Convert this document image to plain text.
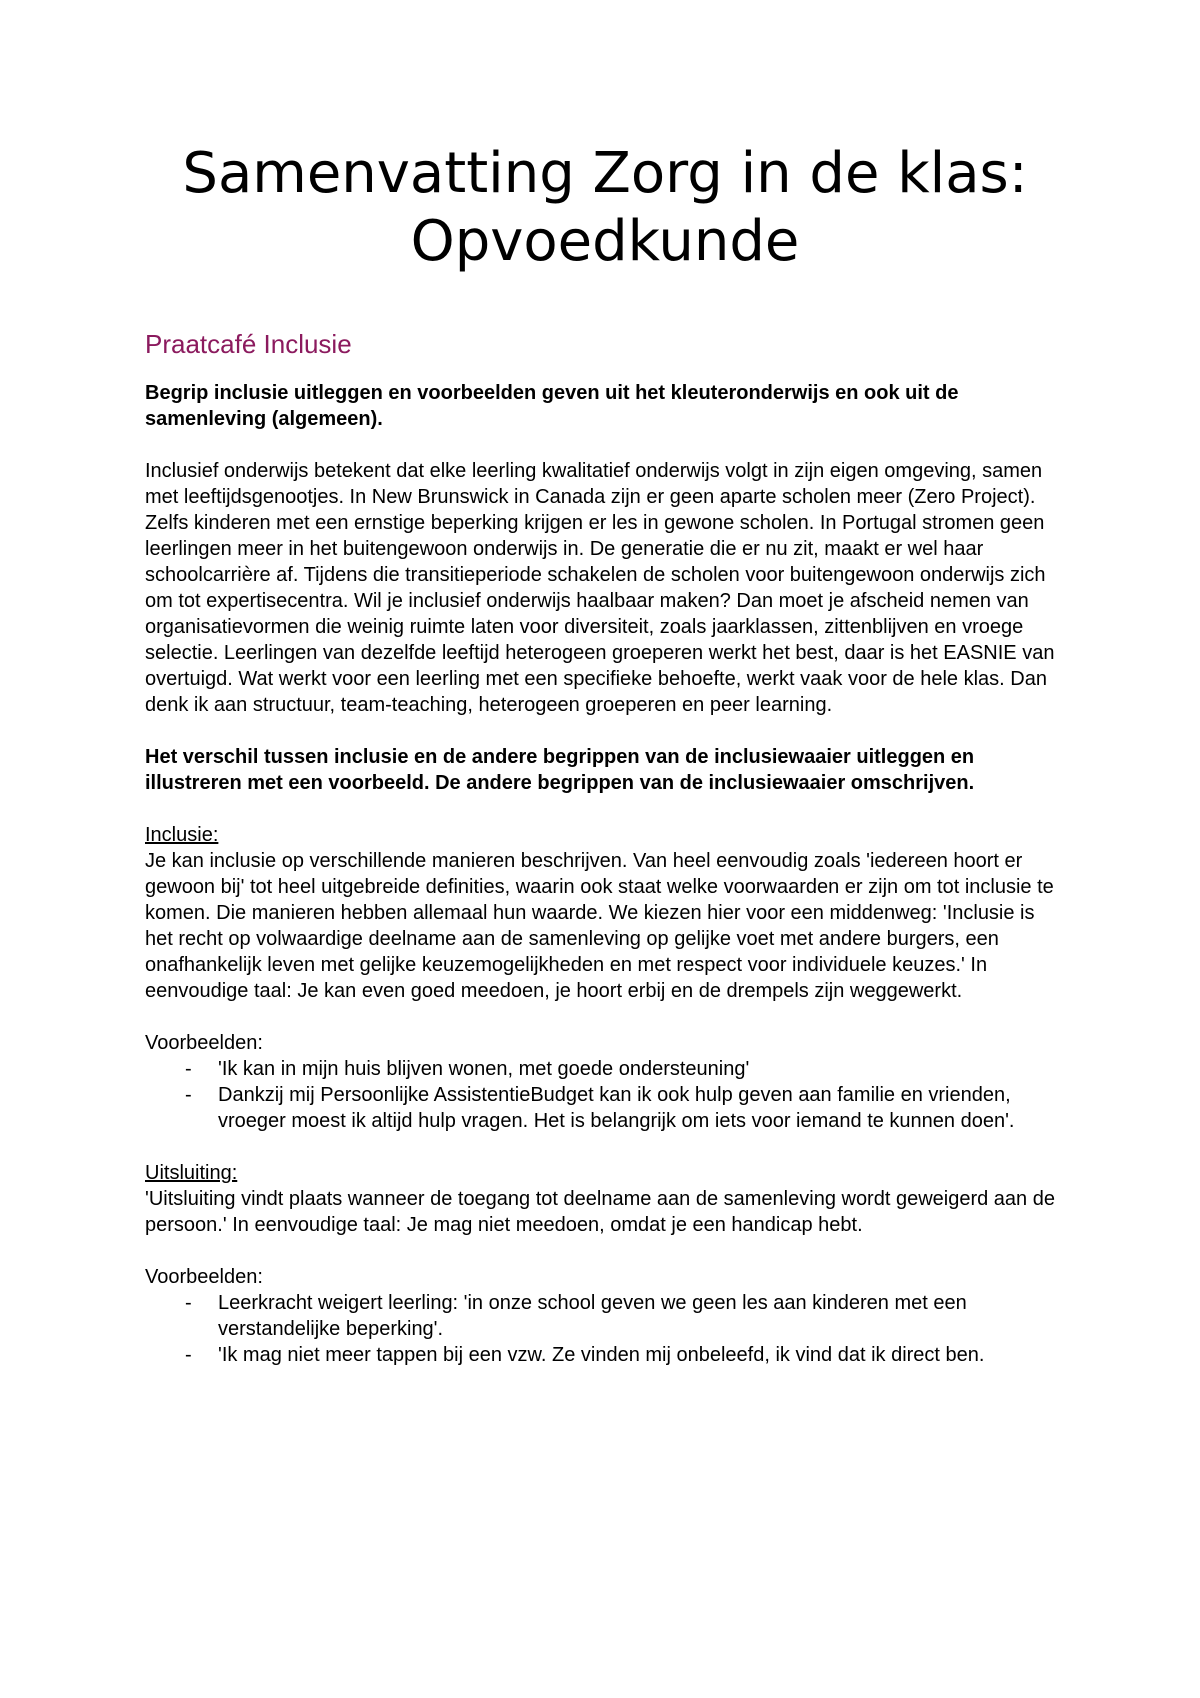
Samenvatting Zorg in de klas:
Opvoedkunde
Praatcafé Inclusie

Begrip inclusie uitleggen en voorbeelden geven uit het kleuteronderwijs en ook uit de samenleving (algemeen).

Inclusief onderwijs betekent dat elke leerling kwalitatief onderwijs volgt in zijn eigen omgeving, samen met leeftijdsgenootjes. In New Brunswick in Canada zijn er geen aparte scholen meer (Zero Project). Zelfs kinderen met een ernstige beperking krijgen er les in gewone scholen. In Portugal stromen geen leerlingen meer in het buitengewoon onderwijs in. De generatie die er nu zit, maakt er wel haar schoolcarrière af. Tijdens die transitieperiode schakelen de scholen voor buitengewoon onderwijs zich om tot expertisecentra. Wil je inclusief onderwijs haalbaar maken? Dan moet je afscheid nemen van organisatievormen die weinig ruimte laten voor diversiteit, zoals jaarklassen, zittenblijven en vroege selectie. Leerlingen van dezelfde leeftijd heterogeen groeperen werkt het best, daar is het EASNIE van overtuigd. Wat werkt voor een leerling met een specifieke behoefte, werkt vaak voor de hele klas. Dan denk ik aan structuur, team-teaching, heterogeen groeperen en peer learning.

Het verschil tussen inclusie en de andere begrippen van de inclusiewaaier uitleggen en illustreren met een voorbeeld. De andere begrippen van de inclusiewaaier omschrijven.

Inclusie:

Je kan inclusie op verschillende manieren beschrijven. Van heel eenvoudig zoals 'iedereen hoort er gewoon bij' tot heel uitgebreide definities, waarin ook staat welke voorwaarden er zijn om tot inclusie te komen. Die manieren hebben allemaal hun waarde. We kiezen hier voor een middenweg: 'Inclusie is het recht op volwaardige deelname aan de samenleving op gelijke voet met andere burgers, een onafhankelijk leven met gelijke keuzemogelijkheden en met respect voor individuele keuzes.' In eenvoudige taal: Je kan even goed meedoen, je hoort erbij en de drempels zijn weggewerkt.

Voorbeelden:

- 'Ik kan in mijn huis blijven wonen, met goede ondersteuning'
- Dankzij mij Persoonlijke AssistentieBudget kan ik ook hulp geven aan familie en vrienden, vroeger moest ik altijd hulp vragen. Het is belangrijk om iets voor iemand te kunnen doen'.

Uitsluiting:

'Uitsluiting vindt plaats wanneer de toegang tot deelname aan de samenleving wordt geweigerd aan de persoon.' In eenvoudige taal: Je mag niet meedoen, omdat je een handicap hebt.

Voorbeelden:

- Leerkracht weigert leerling: 'in onze school geven we geen les aan kinderen met een verstandelijke beperking'.
- 'Ik mag niet meer tappen bij een vzw. Ze vinden mij onbeleefd, ik vind dat ik direct ben.
